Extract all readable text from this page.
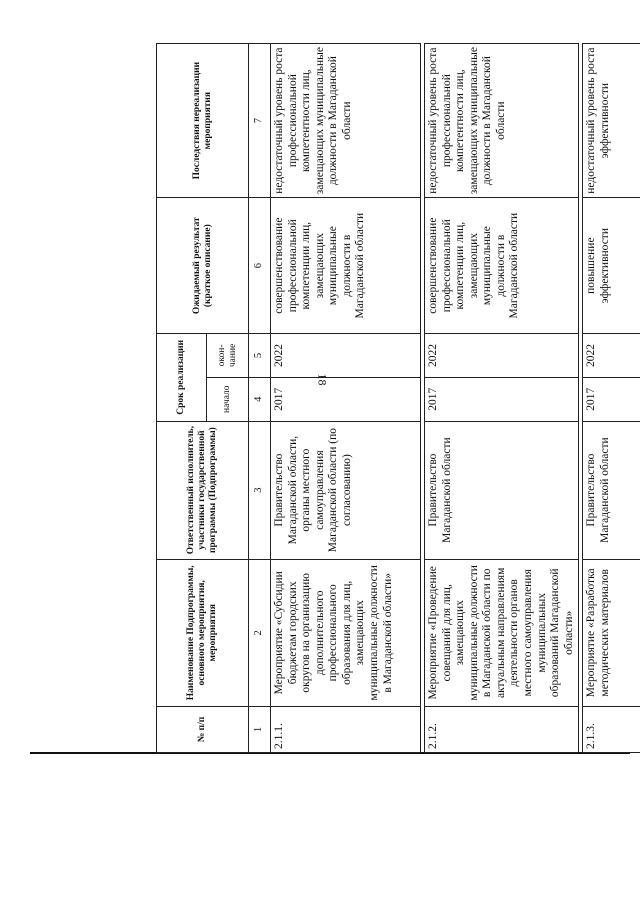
18
№ п/п	Наименование Подпрограммы, основного мероприятия, мероприятия	Ответственный исполнитель, участники государственной программы (Подпрограммы)	Срок реализации		Ожидаемый результат (краткое описание)	Последствия нереализации мероприятия
			начало	окон- чание		
1	2	3	4	5	6	7
2.1.1.	Мероприятие «Субсидии бюджетам городских округов на организацию дополнительного профессионального образования для лиц, замещающих муниципальные должности в Магаданской области»	Правительство Магаданской области, органы местного самоуправления Магаданской области (по согласованию)	2017	2022	совершенствование профессиональной компетенции лиц, замещающих муниципальные должности в Магаданской области	недостаточный уровень роста профессиональной компетентности лиц, замещающих муниципальные должности в Магаданской области

2.1.2.	Мероприятие «Проведение совещаний для лиц, замещающих муниципальные должности в Магаданской области по актуальным направлениям деятельности органов местного самоуправления муниципальных образований Магаданской области»	Правительство Магаданской области	2017	2022	совершенствование профессиональной компетенции лиц, замещающих муниципальные должности в Магаданской области	недостаточный уровень роста профессиональной компетентности лиц, замещающих муниципальные должности в Магаданской области

2.1.3.	Мероприятие «Разработка методических материалов	Правительство Магаданской области	2017	2022	повышение эффективности	недостаточный уровень роста эффективности
